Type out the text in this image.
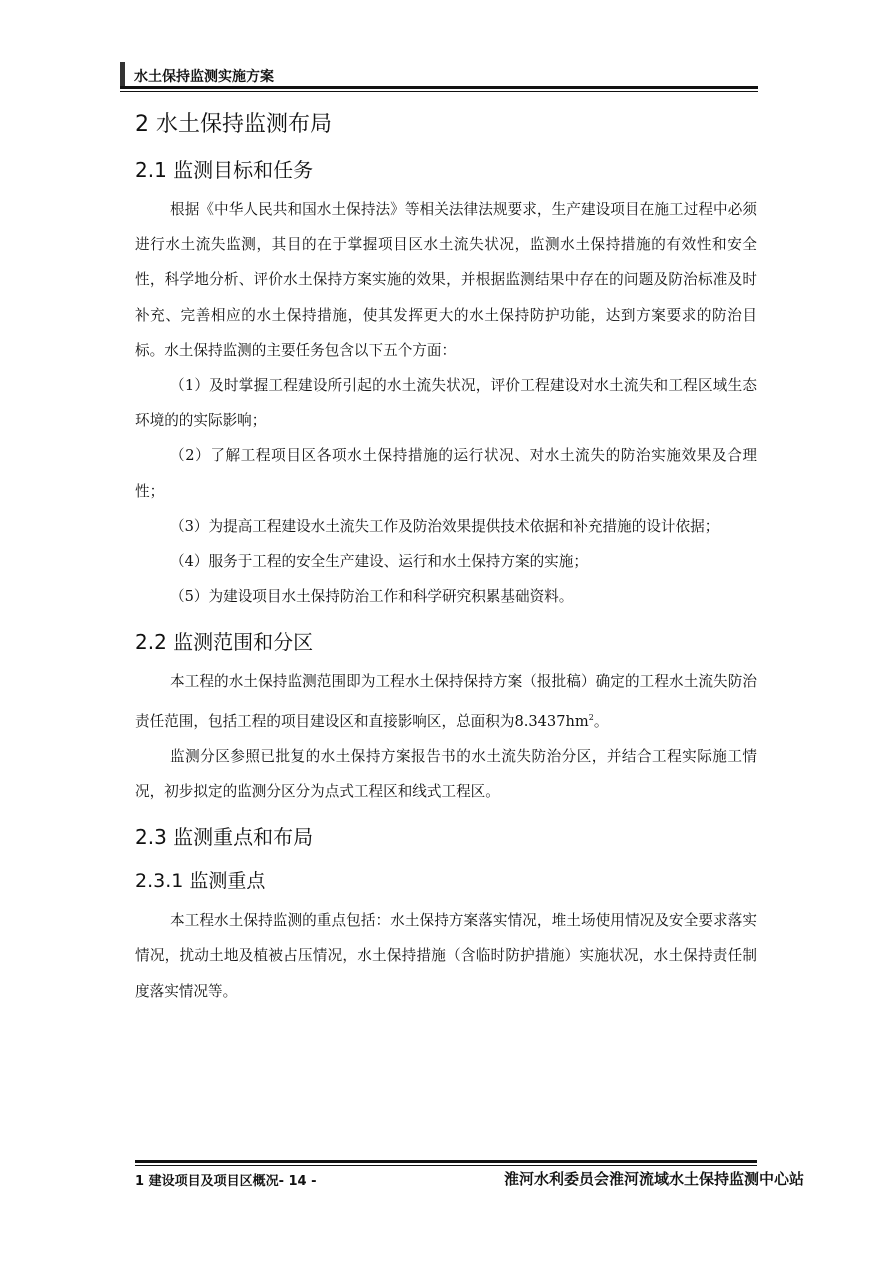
水土保持监测实施方案
2 水土保持监测布局
2.1 监测目标和任务

根据《中华人民共和国水土保持法》等相关法律法规要求，生产建设项目在施工过程中必须进行水土流失监测，其目的在于掌握项目区水土流失状况，监测水土保持措施的有效性和安全性，科学地分析、评价水土保持方案实施的效果，并根据监测结果中存在的问题及防治标准及时补充、完善相应的水土保持措施，使其发挥更大的水土保持防护功能，达到方案要求的防治目标。水土保持监测的主要任务包含以下五个方面：

（1）及时掌握工程建设所引起的水土流失状况，评价工程建设对水土流失和工程区域生态环境的的实际影响；

（2）了解工程项目区各项水土保持措施的运行状况、对水土流失的防治实施效果及合理性；

（3）为提高工程建设水土流失工作及防治效果提供技术依据和补充措施的设计依据；

（4）服务于工程的安全生产建设、运行和水土保持方案的实施；

（5）为建设项目水土保持防治工作和科学研究积累基础资料。

2.2 监测范围和分区

本工程的水土保持监测范围即为工程水土保持保持方案（报批稿）确定的工程水土流失防治责任范围，包括工程的项目建设区和直接影响区，总面积为$8.3437hm^2$。

监测分区参照已批复的水土保持方案报告书的水土流失防治分区，并结合工程实际施工情况，初步拟定的监测分区分为点式工程区和线式工程区。

2.3 监测重点和布局
2.3.1 监测重点

本工程水土保持监测的重点包括：水土保持方案落实情况，堆土场使用情况及安全要求落实情况，扰动土地及植被占压情况，水土保持措施（含临时防护措施）实施状况，水土保持责任制度落实情况等。

1 建设项目及项目区概况- 14 -	淮河水利委员会淮河流域水土保持监测中心站
